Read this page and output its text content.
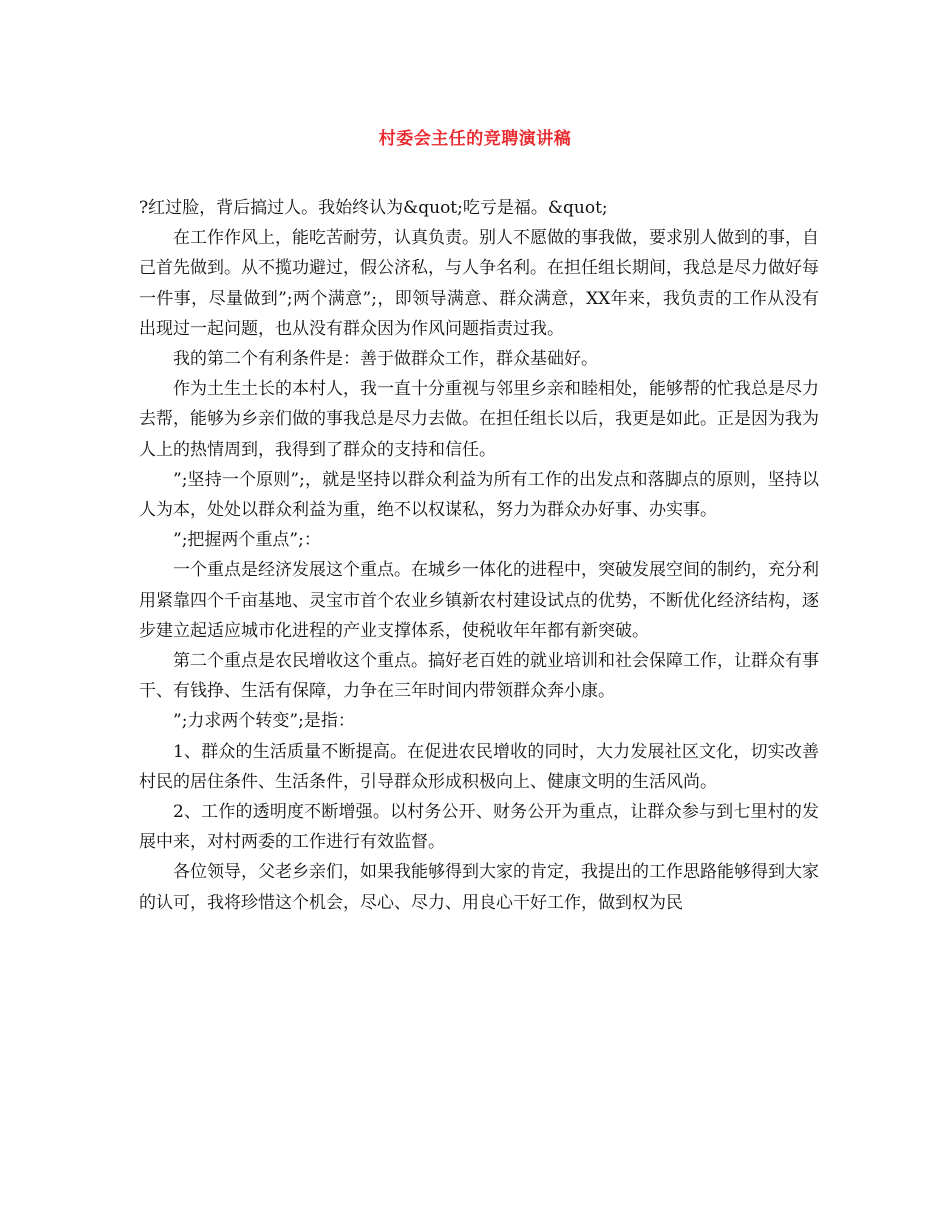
村委会主任的竞聘演讲稿

?红过脸，背后搞过人。我始终认为&quot;吃亏是福。&quot;

在工作作风上，能吃苦耐劳，认真负责。别人不愿做的事我做，要求别人做到的事，自己首先做到。从不揽功避过，假公济私，与人争名利。在担任组长期间，我总是尽力做好每一件事，尽量做到”;两个满意”;，即领导满意、群众满意，XX年来，我负责的工作从没有出现过一起问题，也从没有群众因为作风问题指责过我。

我的第二个有利条件是：善于做群众工作，群众基础好。

作为土生土长的本村人，我一直十分重视与邻里乡亲和睦相处，能够帮的忙我总是尽力去帮，能够为乡亲们做的事我总是尽力去做。在担任组长以后，我更是如此。正是因为我为人上的热情周到，我得到了群众的支持和信任。

”;坚持一个原则”;，就是坚持以群众利益为所有工作的出发点和落脚点的原则，坚持以人为本，处处以群众利益为重，绝不以权谋私，努力为群众办好事、办实事。

”;把握两个重点”;：

一个重点是经济发展这个重点。在城乡一体化的进程中，突破发展空间的制约，充分利用紧靠四个千亩基地、灵宝市首个农业乡镇新农村建设试点的优势，不断优化经济结构，逐步建立起适应城市化进程的产业支撑体系，使税收年年都有新突破。

第二个重点是农民增收这个重点。搞好老百姓的就业培训和社会保障工作，让群众有事干、有钱挣、生活有保障，力争在三年时间内带领群众奔小康。

”;力求两个转变”;是指：

1、群众的生活质量不断提高。在促进农民增收的同时，大力发展社区文化，切实改善村民的居住条件、生活条件，引导群众形成积极向上、健康文明的生活风尚。

2、工作的透明度不断增强。以村务公开、财务公开为重点，让群众参与到七里村的发展中来，对村两委的工作进行有效监督。

各位领导，父老乡亲们，如果我能够得到大家的肯定，我提出的工作思路能够得到大家的认可，我将珍惜这个机会，尽心、尽力、用良心干好工作，做到权为民
